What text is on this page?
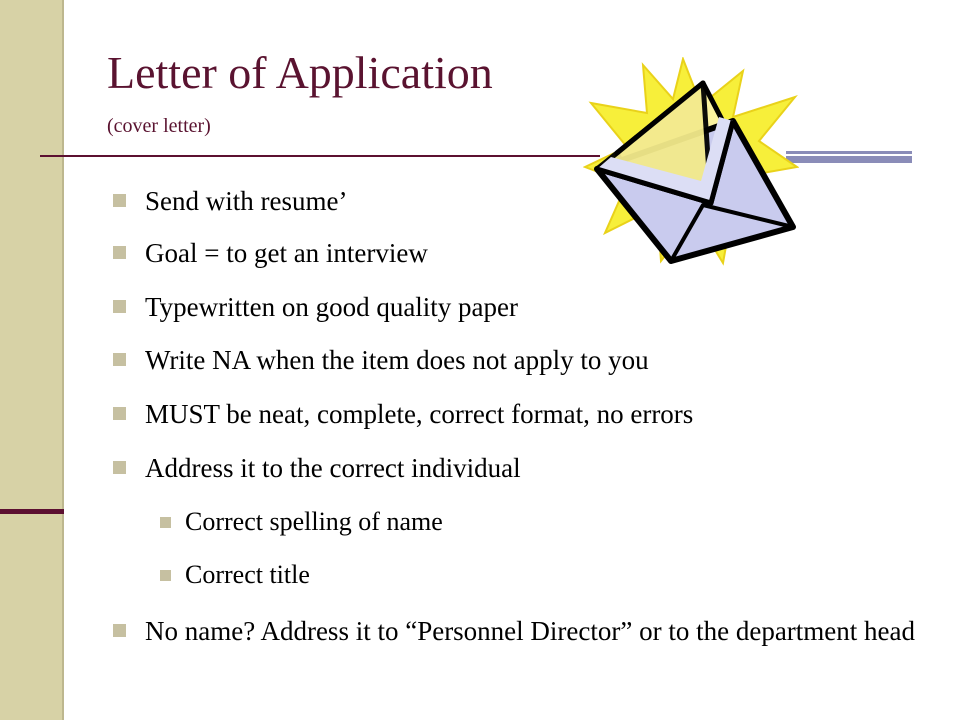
Letter of Application
(cover letter)
Send with resume’
Goal = to get an interview
Typewritten on good quality paper
Write NA when the item does not apply to you
MUST be neat, complete, correct format, no errors
Address it to the correct individual
Correct spelling of name
Correct title
No name? Address it to “Personnel Director” or to the department head
